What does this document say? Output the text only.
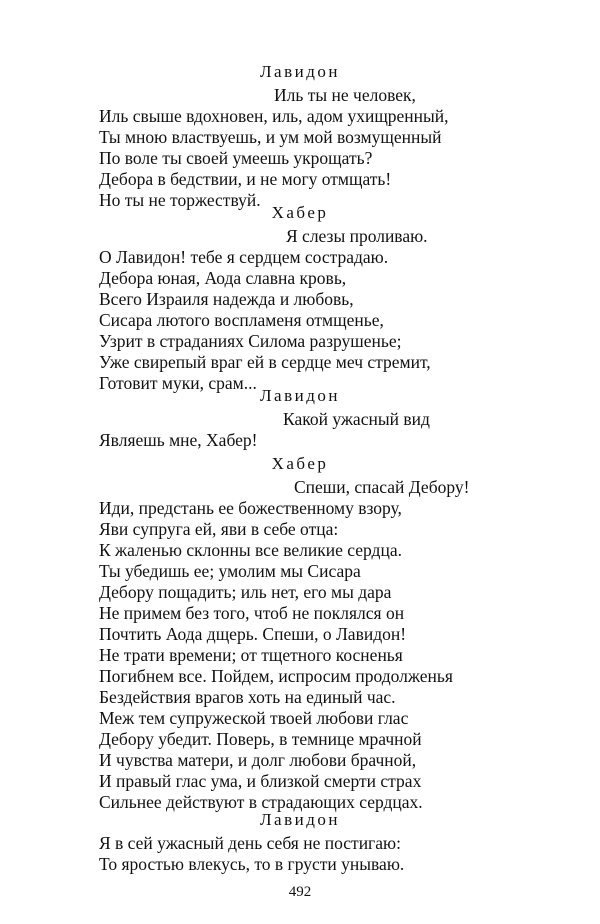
Лавидон
Иль ты не человек,
Иль свыше вдохновен, иль, адом ухищренный,
Ты мною властвуешь, и ум мой возмущенный
По воле ты своей умеешь укрощать?
Дебора в бедствии, и не могу отмщать!
Но ты не торжествуй.
Хабер
Я слезы проливаю.
О Лавидон! тебе я сердцем сострадаю.
Дебора юная, Аода славна кровь,
Всего Израиля надежда и любовь,
Сисара лютого воспламеня отмщенье,
Узрит в страданиях Силома разрушенье;
Уже свирепый враг ей в сердце меч стремит,
Готовит муки, срам...
Лавидон
Какой ужасный вид
Являешь мне, Хабер!
Хабер
Спеши, спасай Дебору!
Иди, предстань ее божественному взору,
Яви супруга ей, яви в себе отца:
К жаленью склонны все великие сердца.
Ты убедишь ее; умолим мы Сисара
Дебору пощадить; иль нет, его мы дара
Не примем без того, чтоб не поклялся он
Почтить Аода дщерь. Спеши, о Лавидон!
Не трати времени; от тщетного косненья
Погибнем все. Пойдем, испросим продолженья
Бездействия врагов хоть на единый час.
Меж тем супружеской твоей любови глас
Дебору убедит. Поверь, в темнице мрачной
И чувства матери, и долг любови брачной,
И правый глас ума, и близкой смерти страх
Сильнее действуют в страдающих сердцах.
Лавидон
Я в сей ужасный день себя не постигаю:
То яростью влекусь, то в грусти унываю.
492
